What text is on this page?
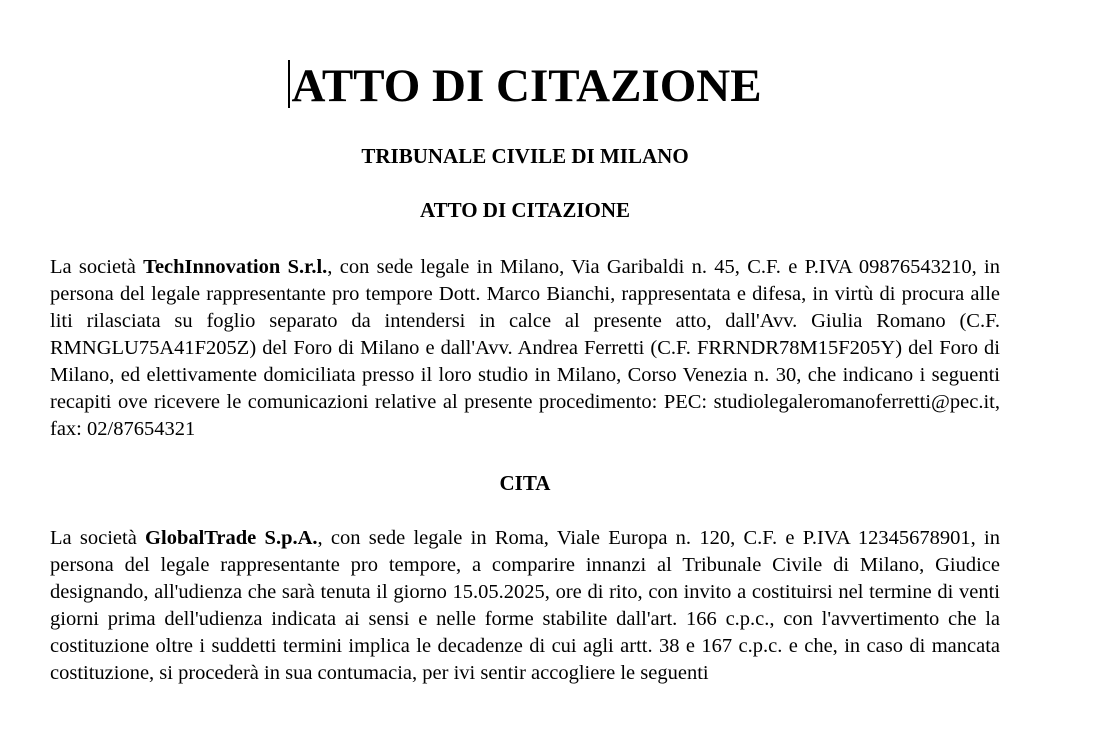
ATTO DI CITAZIONE
TRIBUNALE CIVILE DI MILANO
ATTO DI CITAZIONE

La società TechInnovation S.r.l., con sede legale in Milano, Via Garibaldi n. 45, C.F. e P.IVA 09876543210, in persona del legale rappresentante pro tempore Dott. Marco Bianchi, rappresentata e difesa, in virtù di procura alle liti rilasciata su foglio separato da intendersi in calce al presente atto, dall'Avv. Giulia Romano (C.F. RMNGLU75A41F205Z) del Foro di Milano e dall'Avv. Andrea Ferretti (C.F. FRRNDR78M15F205Y) del Foro di Milano, ed elettivamente domiciliata presso il loro studio in Milano, Corso Venezia n. 30, che indicano i seguenti recapiti ove ricevere le comunicazioni relative al presente procedimento: PEC: studiolegaleromanoferretti@pec.it, fax: 02/87654321

CITA

La società GlobalTrade S.p.A., con sede legale in Roma, Viale Europa n. 120, C.F. e P.IVA 12345678901, in persona del legale rappresentante pro tempore, a comparire innanzi al Tribunale Civile di Milano, Giudice designando, all'udienza che sarà tenuta il giorno 15.05.2025, ore di rito, con invito a costituirsi nel termine di venti giorni prima dell'udienza indicata ai sensi e nelle forme stabilite dall'art. 166 c.p.c., con l'avvertimento che la costituzione oltre i suddetti termini implica le decadenze di cui agli artt. 38 e 167 c.p.c. e che, in caso di mancata costituzione, si procederà in sua contumacia, per ivi sentir accogliere le seguenti
